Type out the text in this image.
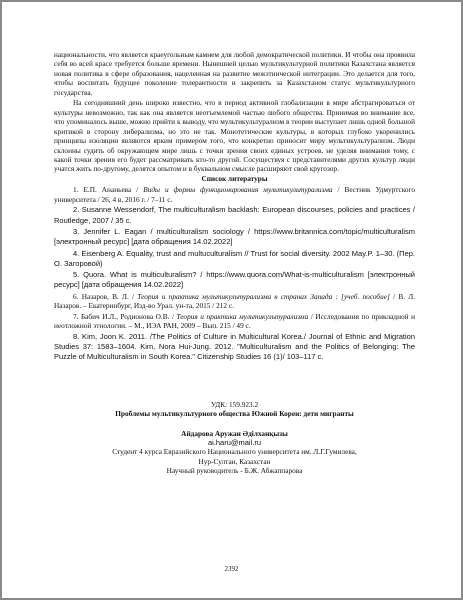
национальности, что является краеугольным камнем для любой демократической политики. И чтобы она проявила себя во всей красе требуется больше времени. Нынешней целью мультикультурной политики Казахстана является новая политика в сфере образования, нацеленная на развитие межэтнической интеграции. Это делается для того, чтобы воспитать будущее поколение толерантности и закрепить за Казахстаном статус мультикультурного государства.

На сегодняшний день широко известно, что в период активной глобализации в мире абстрагироваться от культуры невозможно, так как она является неотъемлемой частью любого общества. Принимая во внимание все, что упоминалось выше, можно прийти к выводу, что мультикультурализм в теории выступает лишь одной большой критикой в сторону либерализма, но это не так. Монотетические культуры, в которых глубоко укоренились принципы изоляции являются ярким примером того, что конкретно приносит миру мультикультурализм. Люди склонны судить об окружающем мире лишь с точки зрения своих единых устроев, не уделяя внимания тому, с какой точки зрения его будет рассматривать кто-то другой. Сосуществуя с представителями других культур люди учатся жить по-другому, делятся опытом и в буквальном смысле расширяют свой кругозор.

Список литературы

1. Е.П. Ананьева / Виды и формы функционирования мультикультурализма / Вестник Удмуртского университета / 26, 4 в, 2016 г. / 7–11 с.

2. Susanne Wessendorf, The multiculturalism backlash: European discourses, policies and practices / Routledge, 2007 / 35 c.

3. Jennifer L. Eagan / multiculturalism sociology / https://www.britannica.com/topic/multiculturalism [электронный ресурс] [дата обращения 14.02.2022]

4. Eisenberg A. Equality, trust and multuculturalism // Trust for social diversity. 2002 May.P. 1–30. (Пер. О. Загоровой)

5. Quora. What is multiculturalism? / https://www.quora.com/What-is-multiculturalism [электронный ресурс] [дата обращения 14.02.2022]

6. Назаров, В. Л. / Теория и практика мультикультурализма в странах Запада : [учеб. пособие] / В. Л. Назаров. – Екатеринбург, Изд-во Урал. ун-та, 2015 / 212 с.

7. Бабич И.Л., Родионова О.В. / Теория и практика мультикультурализма / Исследования по прикладной и неотложной этнологии. – М., ИЭА РАН, 2009 – Вып. 215 / 49 с.

8. Kim, Joon K. 2011. /The Politics of Culture in Multicultural Korea./ Journal of Ethnic and Migration Studies 37: 1583–1604. Kim, Nora Hui-Jung. 2012. "Multiculturalism and the Politics of Belonging: The Puzzle of Multiculturalism in South Korea." Citizenship Studies 16 (1)/ 103–117 с.

УДК: 159.923.2

Проблемы мультикультурного общества Южной Кореи: дети мигранты

Айдарова Аружан Әділханқызы

ai.haru@mail.ru

Студент 4 курса Евразийского Национального университета им. Л.Г.Гумилева,

Нур-Султан, Казахстан

Научный руководитель - Б.Ж. Абжаппарова

2392
